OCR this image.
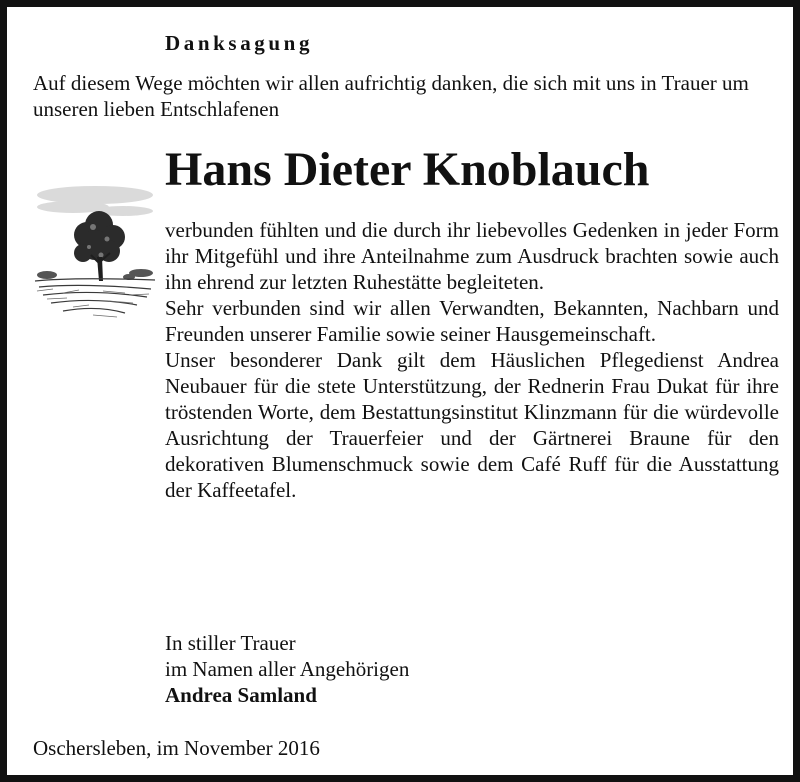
Danksagung

Auf diesem Wege möchten wir allen aufrichtig danken, die sich mit uns in Trauer um unseren lieben Entschlafenen

Hans Dieter Knoblauch

verbunden fühlten und die durch ihr liebevolles Gedenken in jeder Form ihr Mitgefühl und ihre Anteilnahme zum Ausdruck brachten sowie auch ihn ehrend zur letzten Ruhestätte begleiteten.

Sehr verbunden sind wir allen Verwandten, Bekannten, Nachbarn und Freunden unserer Familie sowie seiner Hausgemeinschaft.

Unser besonderer Dank gilt dem Häuslichen Pflegedienst Andrea Neubauer für die stete Unterstützung, der Rednerin Frau Dukat für ihre tröstenden Worte, dem Bestattungsinstitut Klinzmann für die würdevolle Ausrichtung der Trauerfeier und der Gärtnerei Braune für den dekorativen Blumenschmuck sowie dem Café Ruff für die Ausstattung der Kaffeetafel.

In stiller Trauer
im Namen aller Angehörigen
Andrea Samland
Oschersleben, im November 2016
